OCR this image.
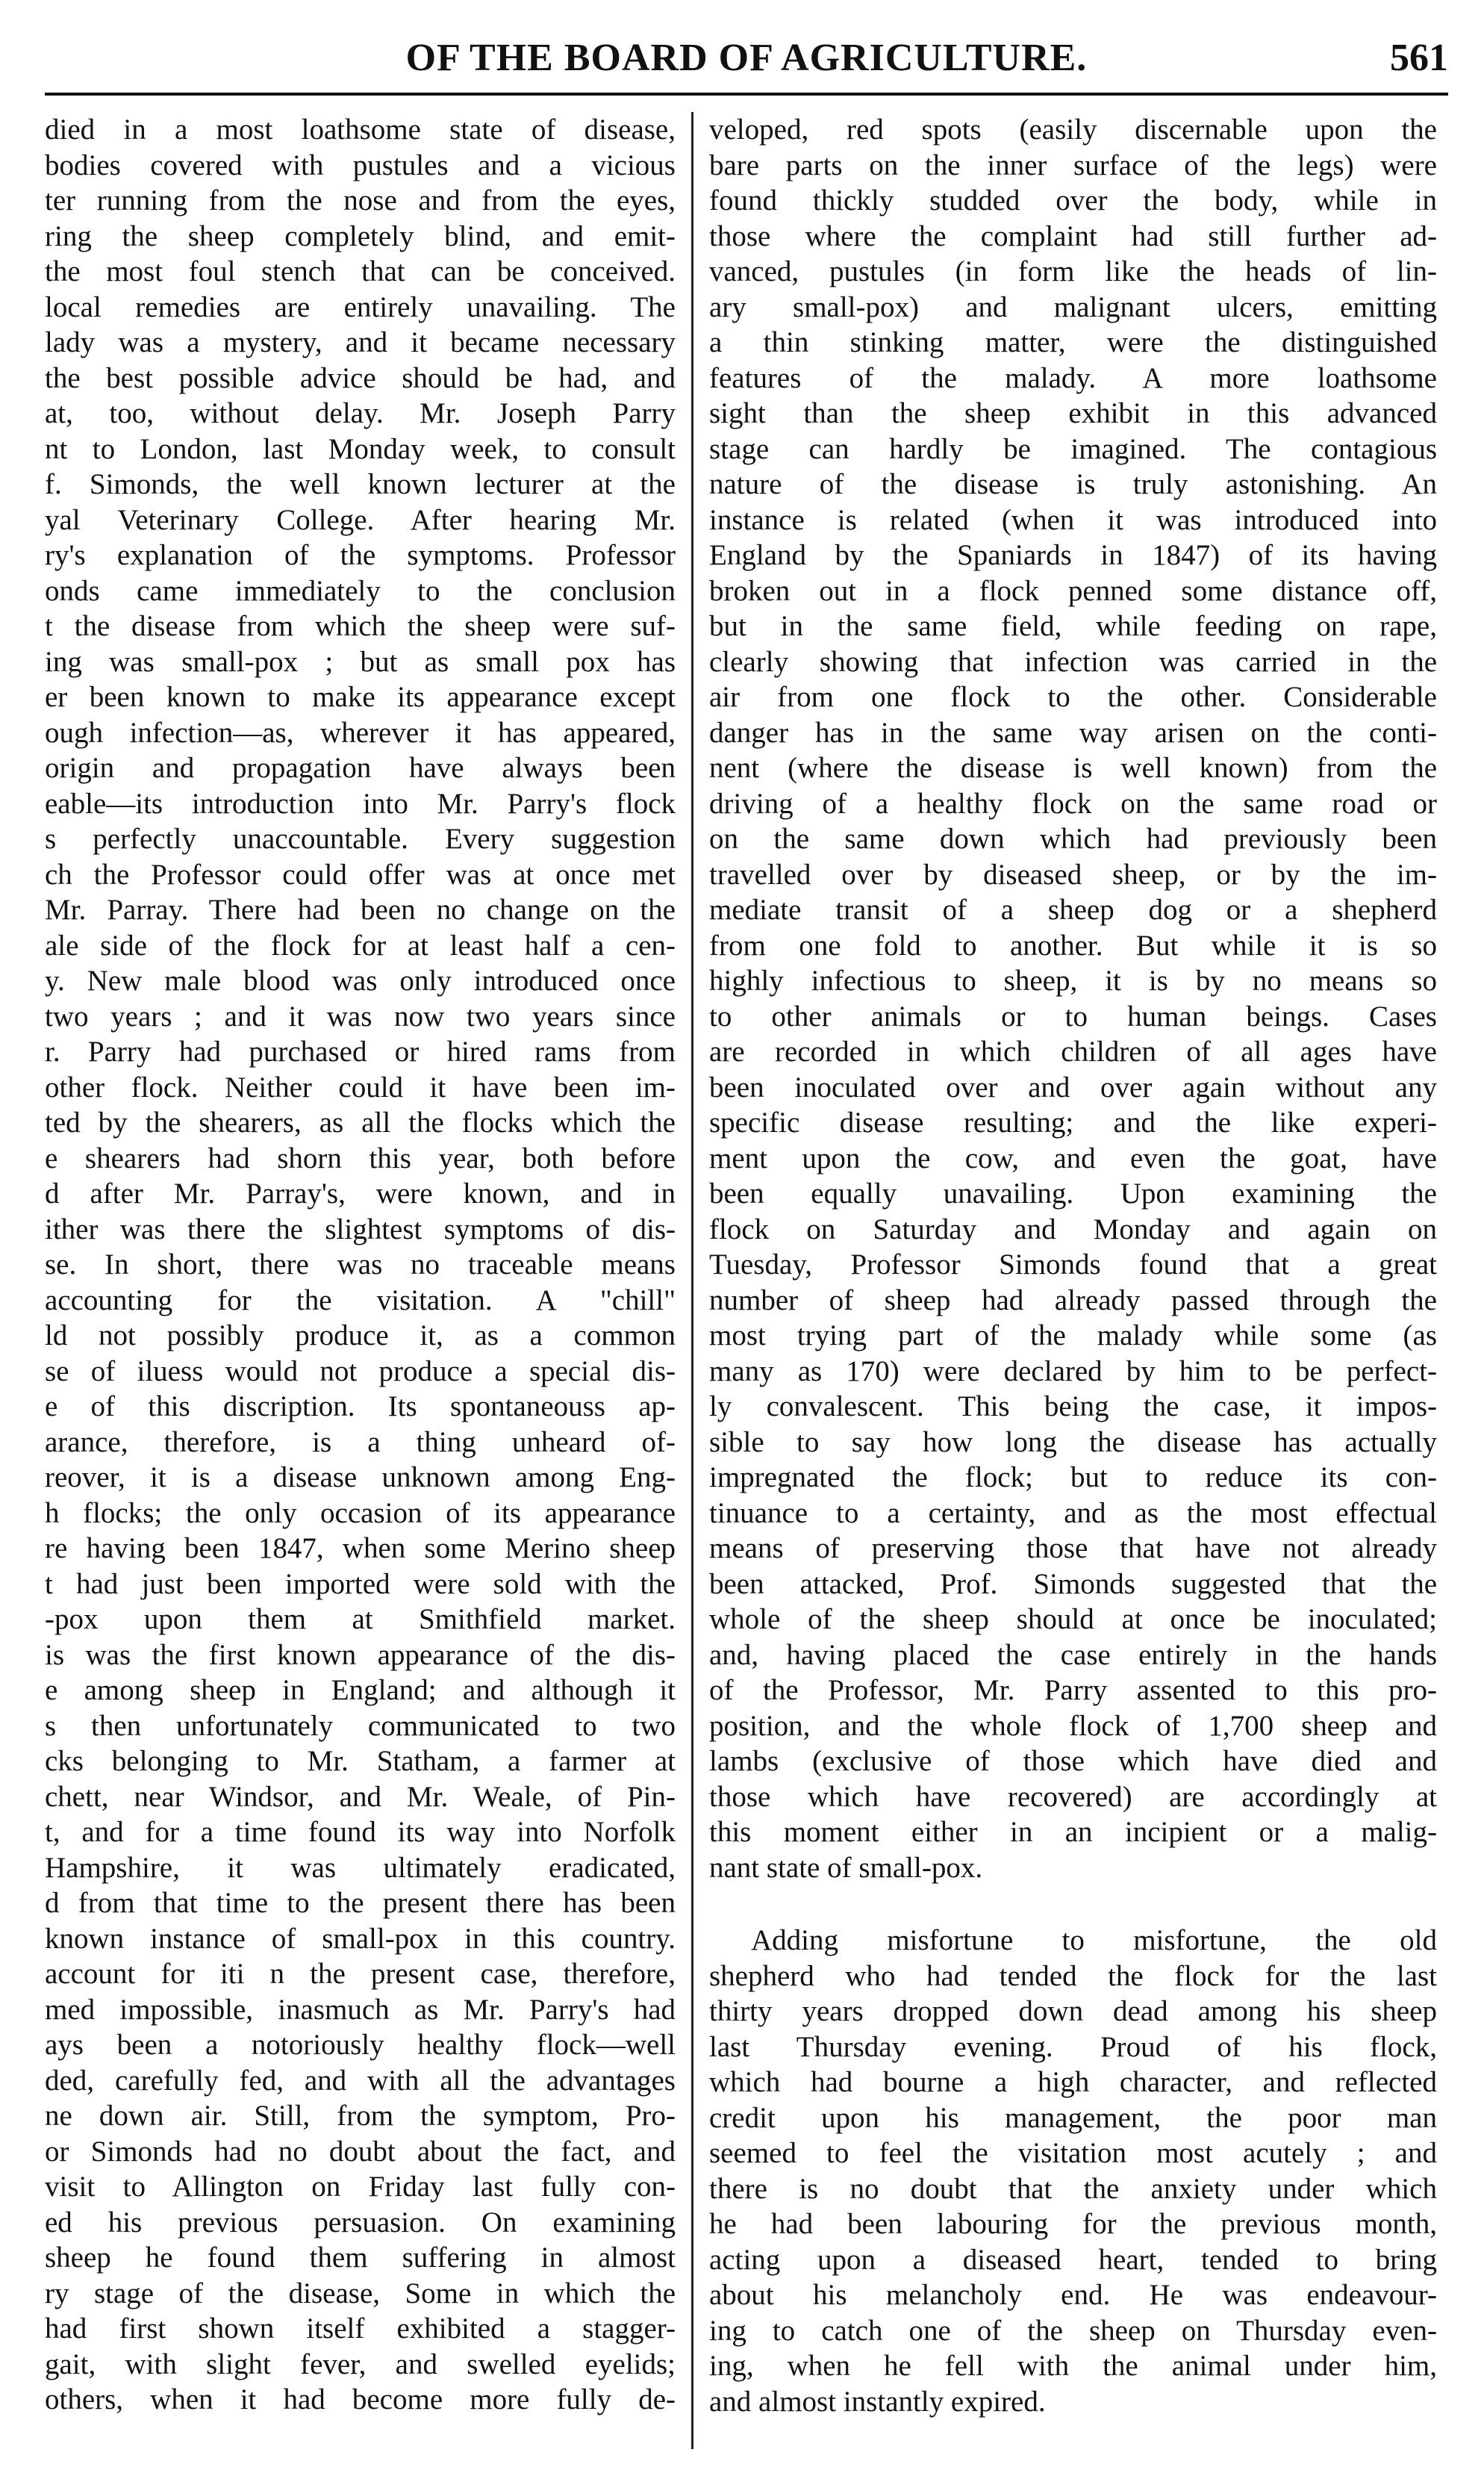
OF THE BOARD OF AGRICULTURE.	561
died in a most loathsome state of disease,
bodies covered with pustules and a vicious
ter running from the nose and from the eyes,
ring the sheep completely blind, and emit-
the most foul stench that can be conceived.
local remedies are entirely unavailing. The
lady was a mystery, and it became necessary
the best possible advice should be had, and
at, too, without delay. Mr. Joseph Parry
nt to London, last Monday week, to consult
f. Simonds, the well known lecturer at the
yal Veterinary College. After hearing Mr.
ry's explanation of the symptoms. Professor
onds came immediately to the conclusion
t the disease from which the sheep were suf-
ing was small-pox ; but as small pox has
er been known to make its appearance except
ough infection—as, wherever it has appeared,
origin and propagation have always been
eable—its introduction into Mr. Parry's flock
s perfectly unaccountable. Every suggestion
ch the Professor could offer was at once met
Mr. Parray. There had been no change on the
ale side of the flock for at least half a cen-
y. New male blood was only introduced once
two years ; and it was now two years since
r. Parry had purchased or hired rams from
other flock. Neither could it have been im-
ted by the shearers, as all the flocks which the
e shearers had shorn this year, both before
d after Mr. Parray's, were known, and in
ither was there the slightest symptoms of dis-
se. In short, there was no traceable means
accounting for the visitation. A "chill"
ld not possibly produce it, as a common
se of iluess would not produce a special dis-
e of this discription. Its spontaneouss ap-
arance, therefore, is a thing unheard of-
reover, it is a disease unknown among Eng-
h flocks; the only occasion of its appearance
re having been 1847, when some Merino sheep
t had just been imported were sold with the
-pox upon them at Smithfield market.
is was the first known appearance of the dis-
e among sheep in England; and although it
s then unfortunately communicated to two
cks belonging to Mr. Statham, a farmer at
chett, near Windsor, and Mr. Weale, of Pin-
t, and for a time found its way into Norfolk
Hampshire, it was ultimately eradicated,
d from that time to the present there has been
known instance of small-pox in this country.
account for iti n the present case, therefore,
med impossible, inasmuch as Mr. Parry's had
ays been a notoriously healthy flock—well
ded, carefully fed, and with all the advantages
ne down air. Still, from the symptom, Pro-
or Simonds had no doubt about the fact, and
visit to Allington on Friday last fully con-
ed his previous persuasion. On examining
sheep he found them suffering in almost
ry stage of the disease, Some in which the
had first shown itself exhibited a stagger-
gait, with slight fever, and swelled eyelids;
others, when it had become more fully de-
veloped, red spots (easily discernable upon the
bare parts on the inner surface of the legs) were
found thickly studded over the body, while in
those where the complaint had still further ad-
vanced, pustules (in form like the heads of lin-
ary small-pox) and malignant ulcers, emitting
a thin stinking matter, were the distinguished
features of the malady. A more loathsome
sight than the sheep exhibit in this advanced
stage can hardly be imagined. The contagious
nature of the disease is truly astonishing. An
instance is related (when it was introduced into
England by the Spaniards in 1847) of its having
broken out in a flock penned some distance off,
but in the same field, while feeding on rape,
clearly showing that infection was carried in the
air from one flock to the other. Considerable
danger has in the same way arisen on the conti-
nent (where the disease is well known) from the
driving of a healthy flock on the same road or
on the same down which had previously been
travelled over by diseased sheep, or by the im-
mediate transit of a sheep dog or a shepherd
from one fold to another. But while it is so
highly infectious to sheep, it is by no means so
to other animals or to human beings. Cases
are recorded in which children of all ages have
been inoculated over and over again without any
specific disease resulting; and the like experi-
ment upon the cow, and even the goat, have
been equally unavailing. Upon examining the
flock on Saturday and Monday and again on
Tuesday, Professor Simonds found that a great
number of sheep had already passed through the
most trying part of the malady while some (as
many as 170) were declared by him to be perfect-
ly convalescent. This being the case, it impos-
sible to say how long the disease has actually
impregnated the flock; but to reduce its con-
tinuance to a certainty, and as the most effectual
means of preserving those that have not already
been attacked, Prof. Simonds suggested that the
whole of the sheep should at once be inoculated;
and, having placed the case entirely in the hands
of the Professor, Mr. Parry assented to this pro-
position, and the whole flock of 1,700 sheep and
lambs (exclusive of those which have died and
those which have recovered) are accordingly at
this moment either in an incipient or a malig-
nant state of small-pox.
Adding misfortune to misfortune, the old
shepherd who had tended the flock for the last
thirty years dropped down dead among his sheep
last Thursday evening. Proud of his flock,
which had bourne a high character, and reflected
credit upon his management, the poor man
seemed to feel the visitation most acutely ; and
there is no doubt that the anxiety under which
he had been labouring for the previous month,
acting upon a diseased heart, tended to bring
about his melancholy end. He was endeavour-
ing to catch one of the sheep on Thursday even-
ing, when he fell with the animal under him,
and almost instantly expired.
